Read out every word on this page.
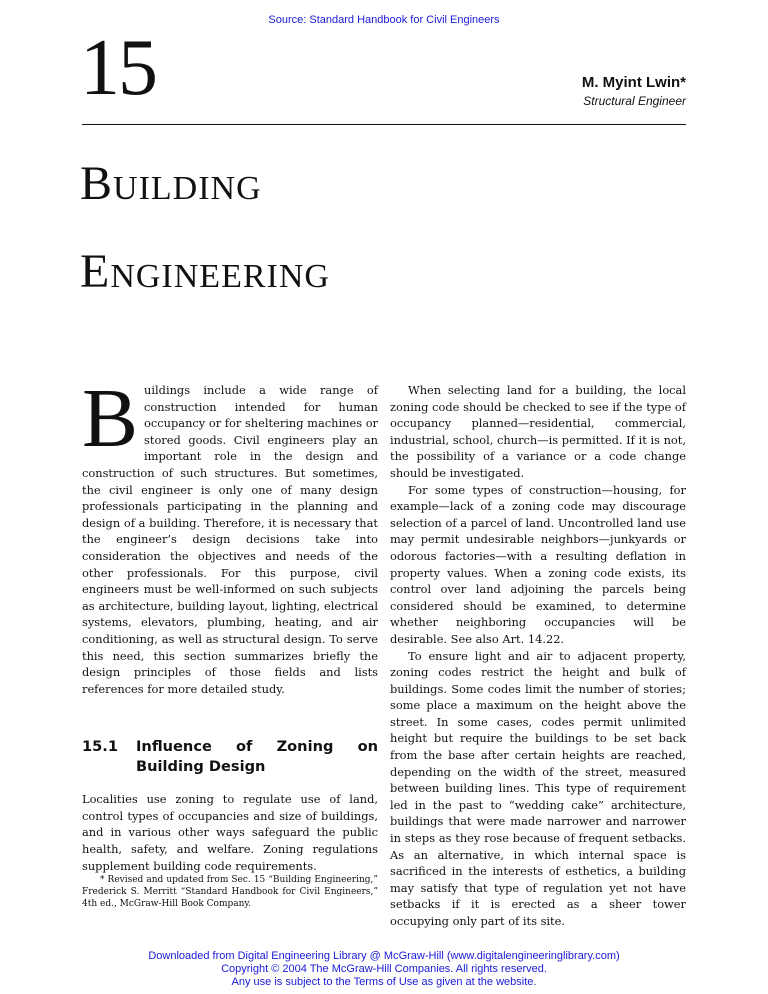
Source: Standard Handbook for Civil Engineers
15	M. Myint Lwin*
Structural Engineer
Building
Engineering

Buildings include a wide range of construction intended for human occupancy or for sheltering machines or stored goods. Civil engineers play an important role in the design and construction of such structures. But sometimes, the civil engineer is only one of many design professionals participating in the planning and design of a building. Therefore, it is necessary that the engineer’s design decisions take into consideration the objectives and needs of the other professionals. For this purpose, civil engineers must be well-informed on such subjects as architecture, building layout, lighting, electrical systems, elevators, plumbing, heating, and air conditioning, as well as structural design. To serve this need, this section summarizes briefly the design principles of those fields and lists references for more detailed study.

15.1	Influence of Zoning on Building Design

Localities use zoning to regulate use of land, control types of occupancies and size of buildings, and in various other ways safeguard the public health, safety, and welfare. Zoning regulations supplement building code requirements.

* Revised and updated from Sec. 15 “Building Engineering,” Frederick S. Merritt “Standard Handbook for Civil Engineers,” 4th ed., McGraw-Hill Book Company.

When selecting land for a building, the local zoning code should be checked to see if the type of occupancy planned—residential, commercial, industrial, school, church—is permitted. If it is not, the possibility of a variance or a code change should be investigated.

For some types of construction—housing, for example—lack of a zoning code may discourage selection of a parcel of land. Uncontrolled land use may permit undesirable neighbors—junkyards or odorous factories—with a resulting deflation in property values. When a zoning code exists, its control over land adjoining the parcels being considered should be examined, to determine whether neighboring occupancies will be desirable. See also Art. 14.22.

To ensure light and air to adjacent property, zoning codes restrict the height and bulk of buildings. Some codes limit the number of stories; some place a maximum on the height above the street. In some cases, codes permit unlimited height but require the buildings to be set back from the base after certain heights are reached, depending on the width of the street, measured between building lines. This type of requirement led in the past to “wedding cake” architecture, buildings that were made narrower and narrower in steps as they rose because of frequent setbacks. As an alternative, in which internal space is sacrificed in the interests of esthetics, a building may satisfy that type of regulation yet not have setbacks if it is erected as a sheer tower occupying only part of its site.

Downloaded from Digital Engineering Library @ McGraw-Hill (www.digitalengineeringlibrary.com)
Copyright © 2004 The McGraw-Hill Companies. All rights reserved.
Any use is subject to the Terms of Use as given at the website.
